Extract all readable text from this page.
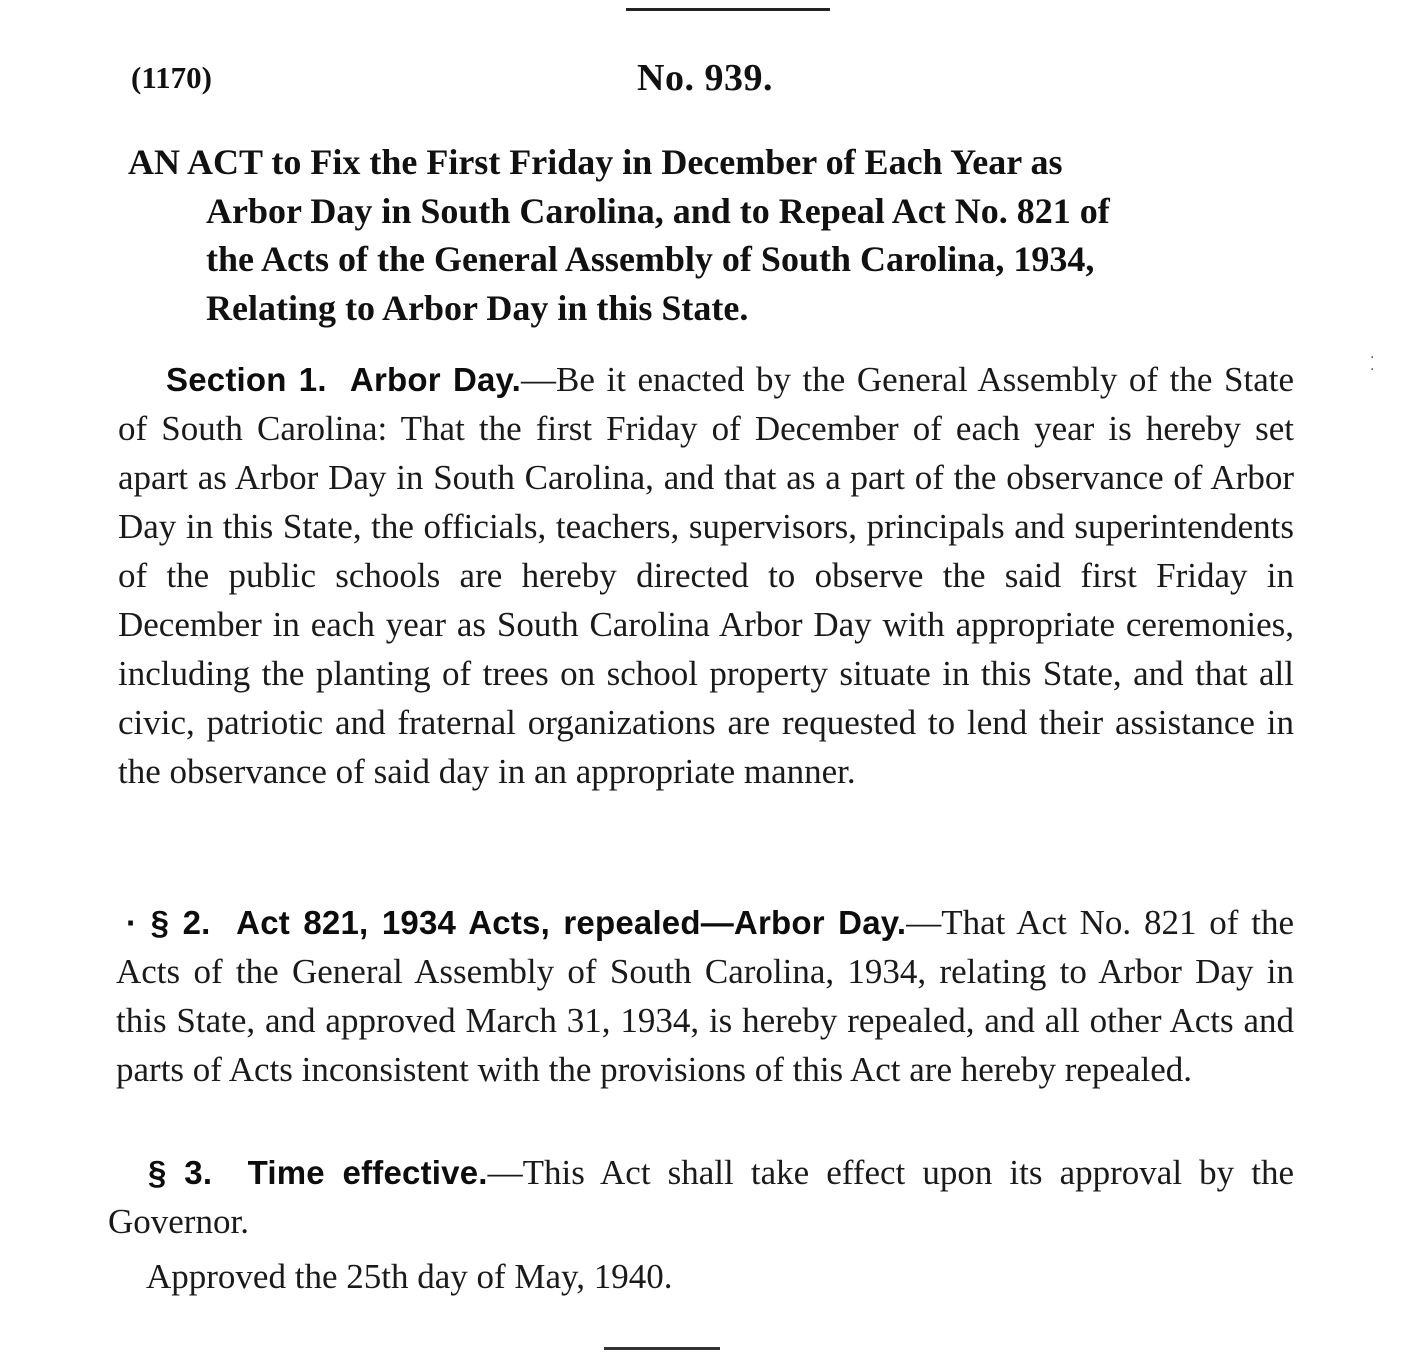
(1170)	No. 939.
AN ACT to Fix the First Friday in December of Each Year as
Arbor Day in South Carolina, and to Repeal Act No. 821 of
the Acts of the General Assembly of South Carolina, 1934,
Relating to Arbor Day in this State.

Section 1.  Arbor Day.—Be it enacted by the General Assembly of the State of South Carolina: That the first Friday of December of each year is hereby set apart as Arbor Day in South Carolina, and that as a part of the observance of Arbor Day in this State, the officials, teachers, supervisors, principals and superintendents of the public schools are hereby directed to observe the said first Friday in December in each year as South Carolina Arbor Day with appropriate ceremonies, including the planting of trees on school property situate in this State, and that all civic, patriotic and fraternal organizations are requested to lend their assistance in the observance of said day in an appropriate manner.

· § 2.  Act 821, 1934 Acts, repealed—Arbor Day.—That Act No. 821 of the Acts of the General Assembly of South Carolina, 1934, relating to Arbor Day in this State, and approved March 31, 1934, is hereby repealed, and all other Acts and parts of Acts inconsistent with the provisions of this Act are hereby repealed.

§ 3.  Time effective.—This Act shall take effect upon its approval by the Governor.

Approved the 25th day of May, 1940.
·
·
